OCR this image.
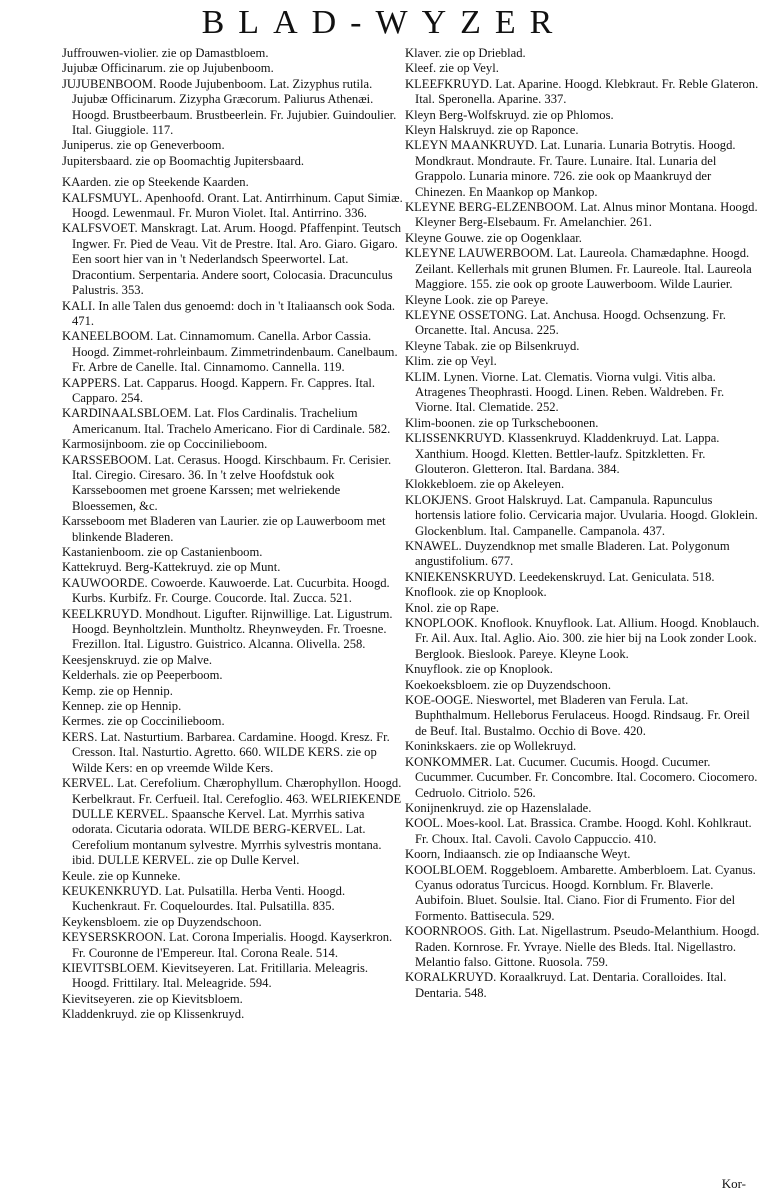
BLAD-WYZER

Juffrouwen-violier. zie op Damastbloem.

Jujubæ Officinarum. zie op Jujubenboom.

JUJUBENBOOM. Roode Jujubenboom. Lat. Zizyphus rutila. Jujubæ Officinarum. Zizypha Græcorum. Paliurus Athenæi. Hoogd. Brustbeerbaum. Brustbeerlein. Fr. Jujubier. Guindoulier. Ital. Giuggiole. 117.

Juniperus. zie op Geneverboom.

Jupitersbaard. zie op Boomachtig Jupitersbaard.

KAarden. zie op Steekende Kaarden.

KALFSMUYL. Apenhoofd. Orant. Lat. Antirrhinum. Caput Simiæ. Hoogd. Lewenmaul. Fr. Muron Violet. Ital. Antirrino. 336.

KALFSVOET. Manskragt. Lat. Arum. Hoogd. Pfaffenpint. Teutsch Ingwer. Fr. Pied de Veau. Vit de Prestre. Ital. Aro. Giaro. Gigaro. Een soort hier van in 't Nederlandsch Speerwortel. Lat. Dracontium. Serpentaria. Andere soort, Colocasia. Dracunculus Palustris. 353.

KALI. In alle Talen dus genoemd: doch in 't Italiaansch ook Soda. 471.

KANEELBOOM. Lat. Cinnamomum. Canella. Arbor Cassia. Hoogd. Zimmet-rohrleinbaum. Zimmetrindenbaum. Canelbaum. Fr. Arbre de Canelle. Ital. Cinnamomo. Cannella. 119.

KAPPERS. Lat. Capparus. Hoogd. Kappern. Fr. Cappres. Ital. Capparo. 254.

KARDINAALSBLOEM. Lat. Flos Cardinalis. Trachelium Americanum. Ital. Trachelo Americano. Fior di Cardinale. 582.

Karmosijnboom. zie op Coccinilieboom.

KARSSEBOOM. Lat. Cerasus. Hoogd. Kirschbaum. Fr. Cerisier. Ital. Ciregio. Ciresaro. 36. In 't zelve Hoofdstuk ook Karsseboomen met groene Karssen; met welriekende Bloessemen, &c.

Karsseboom met Bladeren van Laurier. zie op Lauwerboom met blinkende Bladeren.

Kastanienboom. zie op Castanienboom.

Kattekruyd. Berg-Kattekruyd. zie op Munt.

KAUWOORDE. Cowoerde. Kauwoerde. Lat. Cucurbita. Hoogd. Kurbs. Kurbifz. Fr. Courge. Coucorde. Ital. Zucca. 521.

KEELKRUYD. Mondhout. Ligufter. Rijnwillige. Lat. Ligustrum. Hoogd. Beynholtzlein. Muntholtz. Rheynweyden. Fr. Troesne. Frezillon. Ital. Ligustro. Guistrico. Alcanna. Olivella. 258.

Keesjenskruyd. zie op Malve.

Kelderhals. zie op Peeperboom.

Kemp. zie op Hennip.

Kennep. zie op Hennip.

Kermes. zie op Coccinilieboom.

KERS. Lat. Nasturtium. Barbarea. Cardamine. Hoogd. Kresz. Fr. Cresson. Ital. Nasturtio. Agretto. 660. WILDE KERS. zie op Wilde Kers: en op vreemde Wilde Kers.

KERVEL. Lat. Cerefolium. Chærophyllum. Chærophyllon. Hoogd. Kerbelkraut. Fr. Cerfueil. Ital. Cerefoglio. 463. WELRIEKENDE DULLE KERVEL. Spaansche Kervel. Lat. Myrrhis sativa odorata. Cicutaria odorata. WILDE BERG-KERVEL. Lat. Cerefolium montanum sylvestre. Myrrhis sylvestris montana. ibid. DULLE KERVEL. zie op Dulle Kervel.

Keule. zie op Kunneke.

KEUKENKRUYD. Lat. Pulsatilla. Herba Venti. Hoogd. Kuchenkraut. Fr. Coquelourdes. Ital. Pulsatilla. 835.

Keykensbloem. zie op Duyzendschoon.

KEYSERSKROON. Lat. Corona Imperialis. Hoogd. Kayserkron. Fr. Couronne de l'Empereur. Ital. Corona Reale. 514.

KIEVITSBLOEM. Kievitseyeren. Lat. Fritillaria. Meleagris. Hoogd. Frittilary. Ital. Meleagride. 594.

Kievitseyeren. zie op Kievitsbloem.

Kladdenkruyd. zie op Klissenkruyd.

Klaver. zie op Drieblad.

Kleef. zie op Veyl.

KLEEFKRUYD. Lat. Aparine. Hoogd. Klebkraut. Fr. Reble Glateron. Ital. Speronella. Aparine. 337.

Kleyn Berg-Wolfskruyd. zie op Phlomos.

Kleyn Halskruyd. zie op Raponce.

KLEYN MAANKRUYD. Lat. Lunaria. Lunaria Botrytis. Hoogd. Mondkraut. Mondraute. Fr. Taure. Lunaire. Ital. Lunaria del Grappolo. Lunaria minore. 726. zie ook op Maankruyd der Chinezen. En Maankop op Mankop.

KLEYNE BERG-ELZENBOOM. Lat. Alnus minor Montana. Hoogd. Kleyner Berg-Elsebaum. Fr. Amelanchier. 261.

Kleyne Gouwe. zie op Oogenklaar.

KLEYNE LAUWERBOOM. Lat. Laureola. Chamædaphne. Hoogd. Zeilant. Kellerhals mit grunen Blumen. Fr. Laureole. Ital. Laureola Maggiore. 155. zie ook op groote Lauwerboom. Wilde Laurier.

Kleyne Look. zie op Pareye.

KLEYNE OSSETONG. Lat. Anchusa. Hoogd. Ochsenzung. Fr. Orcanette. Ital. Ancusa. 225.

Kleyne Tabak. zie op Bilsenkruyd.

Klim. zie op Veyl.

KLIM. Lynen. Viorne. Lat. Clematis. Viorna vulgi. Vitis alba. Atragenes Theophrasti. Hoogd. Linen. Reben. Waldreben. Fr. Viorne. Ital. Clematide. 252.

Klim-boonen. zie op Turkscheboonen.

KLISSENKRUYD. Klassenkruyd. Kladdenkruyd. Lat. Lappa. Xanthium. Hoogd. Kletten. Bettler-laufz. Spitzkletten. Fr. Glouteron. Gletteron. Ital. Bardana. 384.

Klokkebloem. zie op Akeleyen.

KLOKJENS. Groot Halskruyd. Lat. Campanula. Rapunculus hortensis latiore folio. Cervicaria major. Uvularia. Hoogd. Gloklein. Glockenblum. Ital. Campanelle. Campanola. 437.

KNAWEL. Duyzendknop met smalle Bladeren. Lat. Polygonum angustifolium. 677.

KNIEKENSKRUYD. Leedekenskruyd. Lat. Geniculata. 518.

Knoflook. zie op Knoplook.

Knol. zie op Rape.

KNOPLOOK. Knoflook. Knuyflook. Lat. Allium. Hoogd. Knoblauch. Fr. Ail. Aux. Ital. Aglio. Aio. 300. zie hier bij na Look zonder Look. Berglook. Bieslook. Pareye. Kleyne Look.

Knuyflook. zie op Knoplook.

Koekoeksbloem. zie op Duyzendschoon.

KOE-OOGE. Nieswortel, met Bladeren van Ferula. Lat. Buphthalmum. Helleborus Ferulaceus. Hoogd. Rindsaug. Fr. Oreil de Beuf. Ital. Bustalmo. Occhio di Bove. 420.

Koninkskaers. zie op Wollekruyd.

KONKOMMER. Lat. Cucumer. Cucumis. Hoogd. Cucumer. Cucummer. Cucumber. Fr. Concombre. Ital. Cocomero. Ciocomero. Cedruolo. Citriolo. 526.

Konijnenkruyd. zie op Hazenslalade.

KOOL. Moes-kool. Lat. Brassica. Crambe. Hoogd. Kohl. Kohlkraut. Fr. Choux. Ital. Cavoli. Cavolo Cappuccio. 410.

Koorn, Indiaansch. zie op Indiaansche Weyt.

KOOLBLOEM. Roggebloem. Ambarette. Amberbloem. Lat. Cyanus. Cyanus odoratus Turcicus. Hoogd. Kornblum. Fr. Blaverle. Aubifoin. Bluet. Soulsie. Ital. Ciano. Fior di Frumento. Fior del Formento. Battisecula. 529.

KOORNROOS. Gith. Lat. Nigellastrum. Pseudo-Melanthium. Hoogd. Raden. Kornrose. Fr. Yvraye. Nielle des Bleds. Ital. Nigellastro. Melantio falso. Gittone. Ruosola. 759.

KORALKRUYD. Koraalkruyd. Lat. Dentaria. Coralloides. Ital. Dentaria. 548.

Kor-
